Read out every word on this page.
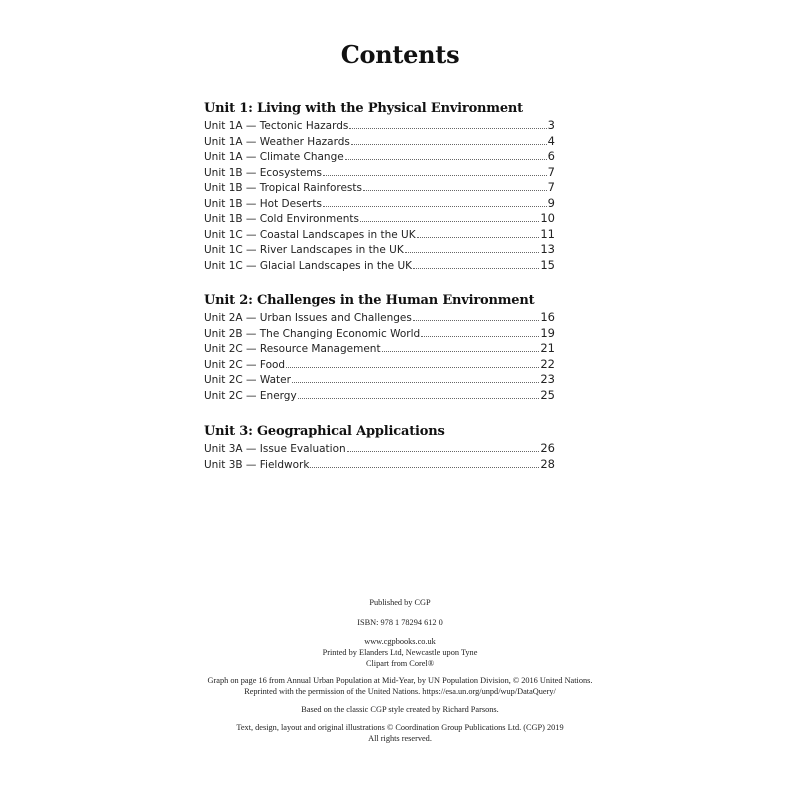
Contents
Unit 1: Living with the Physical Environment
Unit 1A — Tectonic Hazards	3
Unit 1A — Weather Hazards	4
Unit 1A — Climate Change	6
Unit 1B — Ecosystems	7
Unit 1B — Tropical Rainforests	7
Unit 1B — Hot Deserts	9
Unit 1B — Cold Environments	10
Unit 1C — Coastal Landscapes in the UK	11
Unit 1C — River Landscapes in the UK	13
Unit 1C — Glacial Landscapes in the UK	15
Unit 2: Challenges in the Human Environment
Unit 2A — Urban Issues and Challenges	16
Unit 2B — The Changing Economic World	19
Unit 2C — Resource Management	21
Unit 2C — Food	22
Unit 2C — Water	23
Unit 2C — Energy	25
Unit 3: Geographical Applications
Unit 3A — Issue Evaluation	26
Unit 3B — Fieldwork	28
Published by CGP
ISBN: 978 1 78294 612 0
www.cgpbooks.co.uk
Printed by Elanders Ltd, Newcastle upon Tyne
Clipart from Corel®
Graph on page 16 from Annual Urban Population at Mid-Year, by UN Population Division, © 2016 United Nations.
Reprinted with the permission of the United Nations. https://esa.un.org/unpd/wup/DataQuery/
Based on the classic CGP style created by Richard Parsons.
Text, design, layout and original illustrations © Coordination Group Publications Ltd. (CGP) 2019
All rights reserved.
